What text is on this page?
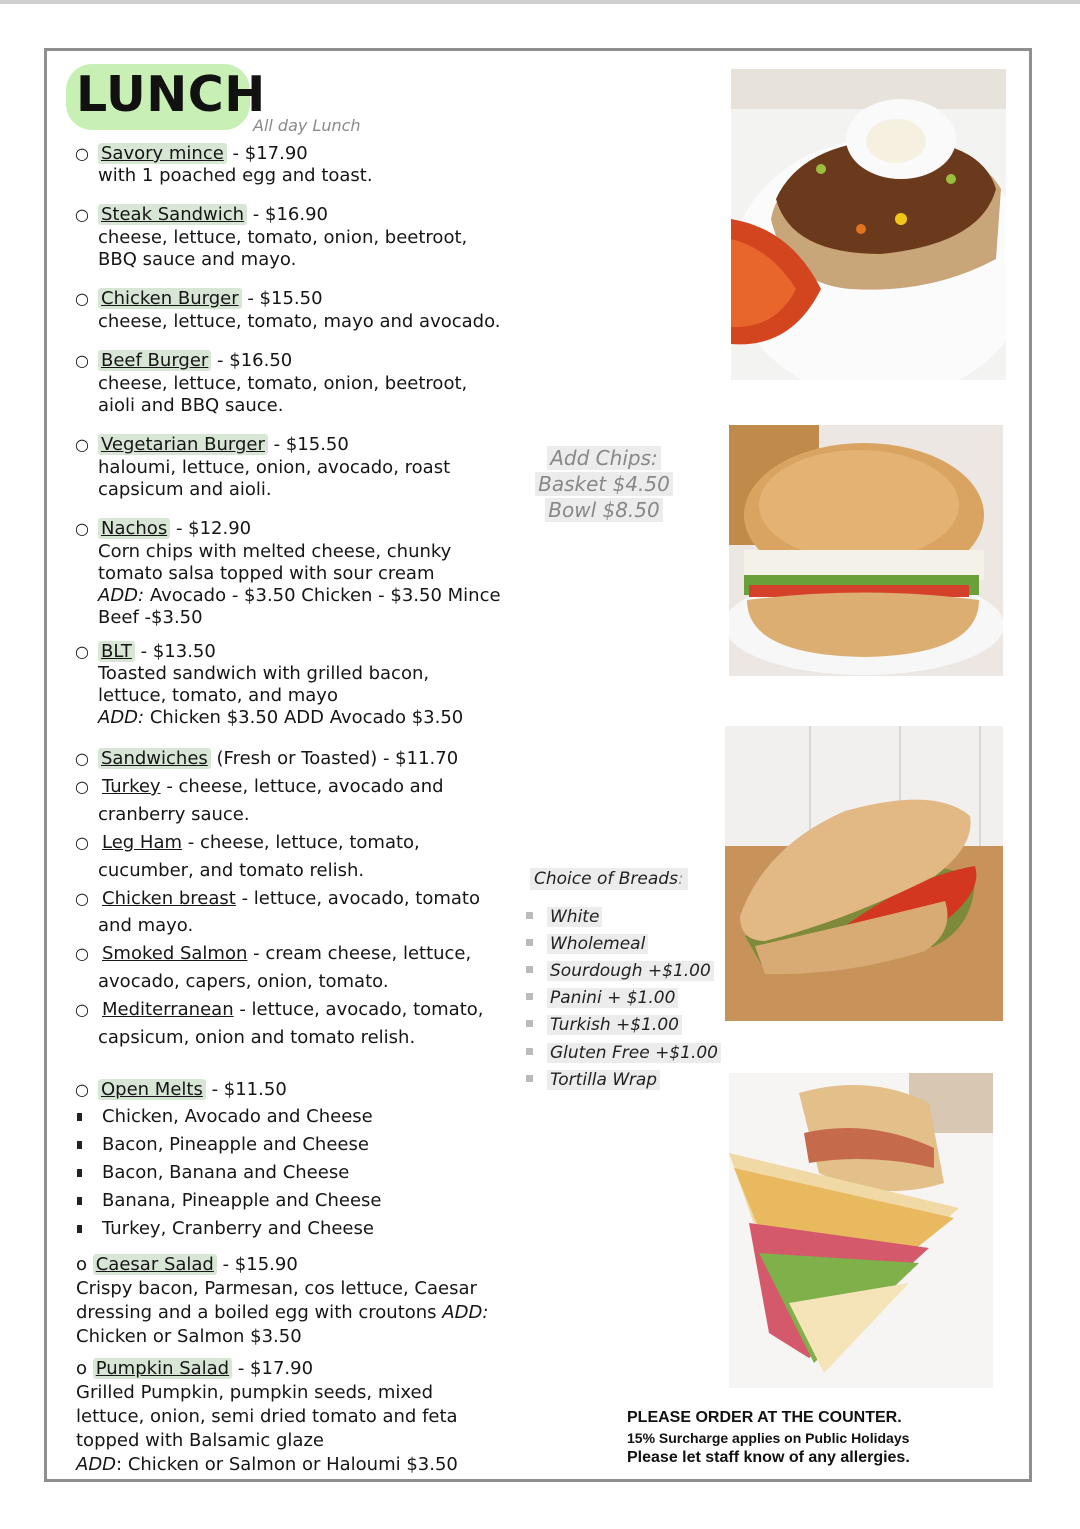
LUNCH
All day Lunch
○ Savory mince - $17.90
with 1 poached egg and toast.
○ Steak Sandwich - $16.90
cheese, lettuce, tomato, onion, beetroot,
BBQ sauce and mayo.
○ Chicken Burger - $15.50
cheese, lettuce, tomato, mayo and avocado.
○ Beef Burger - $16.50
cheese, lettuce, tomato, onion, beetroot,
aioli and BBQ sauce.
○ Vegetarian Burger - $15.50
haloumi, lettuce, onion, avocado, roast
capsicum and aioli.
○ Nachos - $12.90
Corn chips with melted cheese, chunky
tomato salsa topped with sour cream
ADD: Avocado - $3.50 Chicken - $3.50 Mince
Beef -$3.50
○ BLT - $13.50
Toasted sandwich with grilled bacon,
lettuce, tomato, and mayo
ADD: Chicken $3.50 ADD Avocado $3.50
○ Sandwiches (Fresh or Toasted) - $11.70
○ Turkey - cheese, lettuce, avocado and
cranberry sauce.
○ Leg Ham - cheese, lettuce, tomato,
cucumber, and tomato relish.
○ Chicken breast - lettuce, avocado, tomato
and mayo.
○ Smoked Salmon - cream cheese, lettuce,
avocado, capers, onion, tomato.
○ Mediterranean - lettuce, avocado, tomato,
capsicum, onion and tomato relish.
○ Open Melts - $11.50
Chicken, Avocado and Cheese
Bacon, Pineapple and Cheese
Bacon, Banana and Cheese
Banana, Pineapple and Cheese
Turkey, Cranberry and Cheese
o Caesar Salad - $15.90
Crispy bacon, Parmesan, cos lettuce, Caesar
dressing and a boiled egg with croutons ADD:
Chicken or Salmon $3.50
o Pumpkin Salad - $17.90
Grilled Pumpkin, pumpkin seeds, mixed
lettuce, onion, semi dried tomato and feta
topped with Balsamic glaze
ADD: Chicken or Salmon or Haloumi $3.50
Add Chips:
Basket $4.50
Bowl $8.50
Choice of Breads:
White
Wholemeal
Sourdough +$1.00
Panini + $1.00
Turkish +$1.00
Gluten Free +$1.00
Tortilla Wrap
PLEASE ORDER AT THE COUNTER.
15% Surcharge applies on Public Holidays
Please let staff know of any allergies.
